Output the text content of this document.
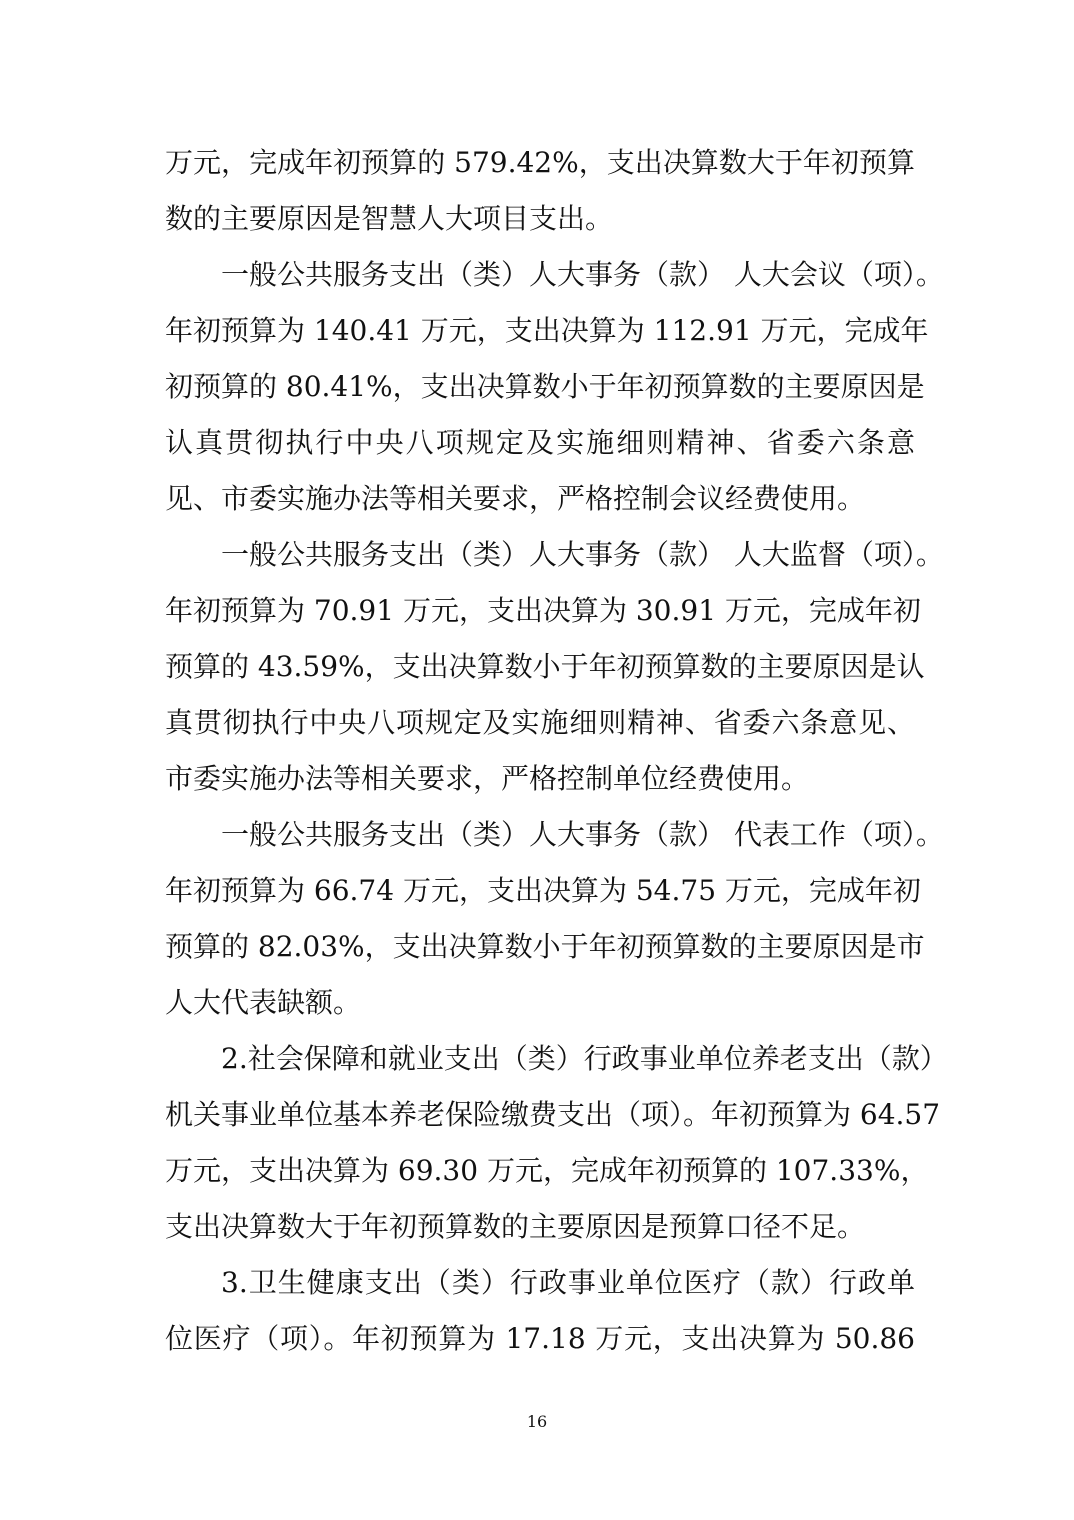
万元，完成年初预算的 579.42%，支出决算数大于年初预算
数的主要原因是智慧人大项目支出。
一般公共服务支出（类）人大事务（款） 人大会议（项）。
年初预算为 140.41 万元，支出决算为 112.91 万元，完成年
初预算的 80.41%，支出决算数小于年初预算数的主要原因是
认真贯彻执行中央八项规定及实施细则精神、省委六条意
见、市委实施办法等相关要求，严格控制会议经费使用。
一般公共服务支出（类）人大事务（款） 人大监督（项）。
年初预算为 70.91 万元，支出决算为 30.91 万元，完成年初
预算的 43.59%，支出决算数小于年初预算数的主要原因是认
真贯彻执行中央八项规定及实施细则精神、省委六条意见、
市委实施办法等相关要求，严格控制单位经费使用。
一般公共服务支出（类）人大事务（款） 代表工作（项）。
年初预算为 66.74 万元，支出决算为 54.75 万元，完成年初
预算的 82.03%，支出决算数小于年初预算数的主要原因是市
人大代表缺额。
2.社会保障和就业支出（类）行政事业单位养老支出（款）
机关事业单位基本养老保险缴费支出（项）。年初预算为 64.57
万元，支出决算为 69.30 万元，完成年初预算的 107.33%，
支出决算数大于年初预算数的主要原因是预算口径不足。
3.卫生健康支出（类）行政事业单位医疗（款）行政单
位医疗（项）。年初预算为 17.18 万元，支出决算为 50.86
16
